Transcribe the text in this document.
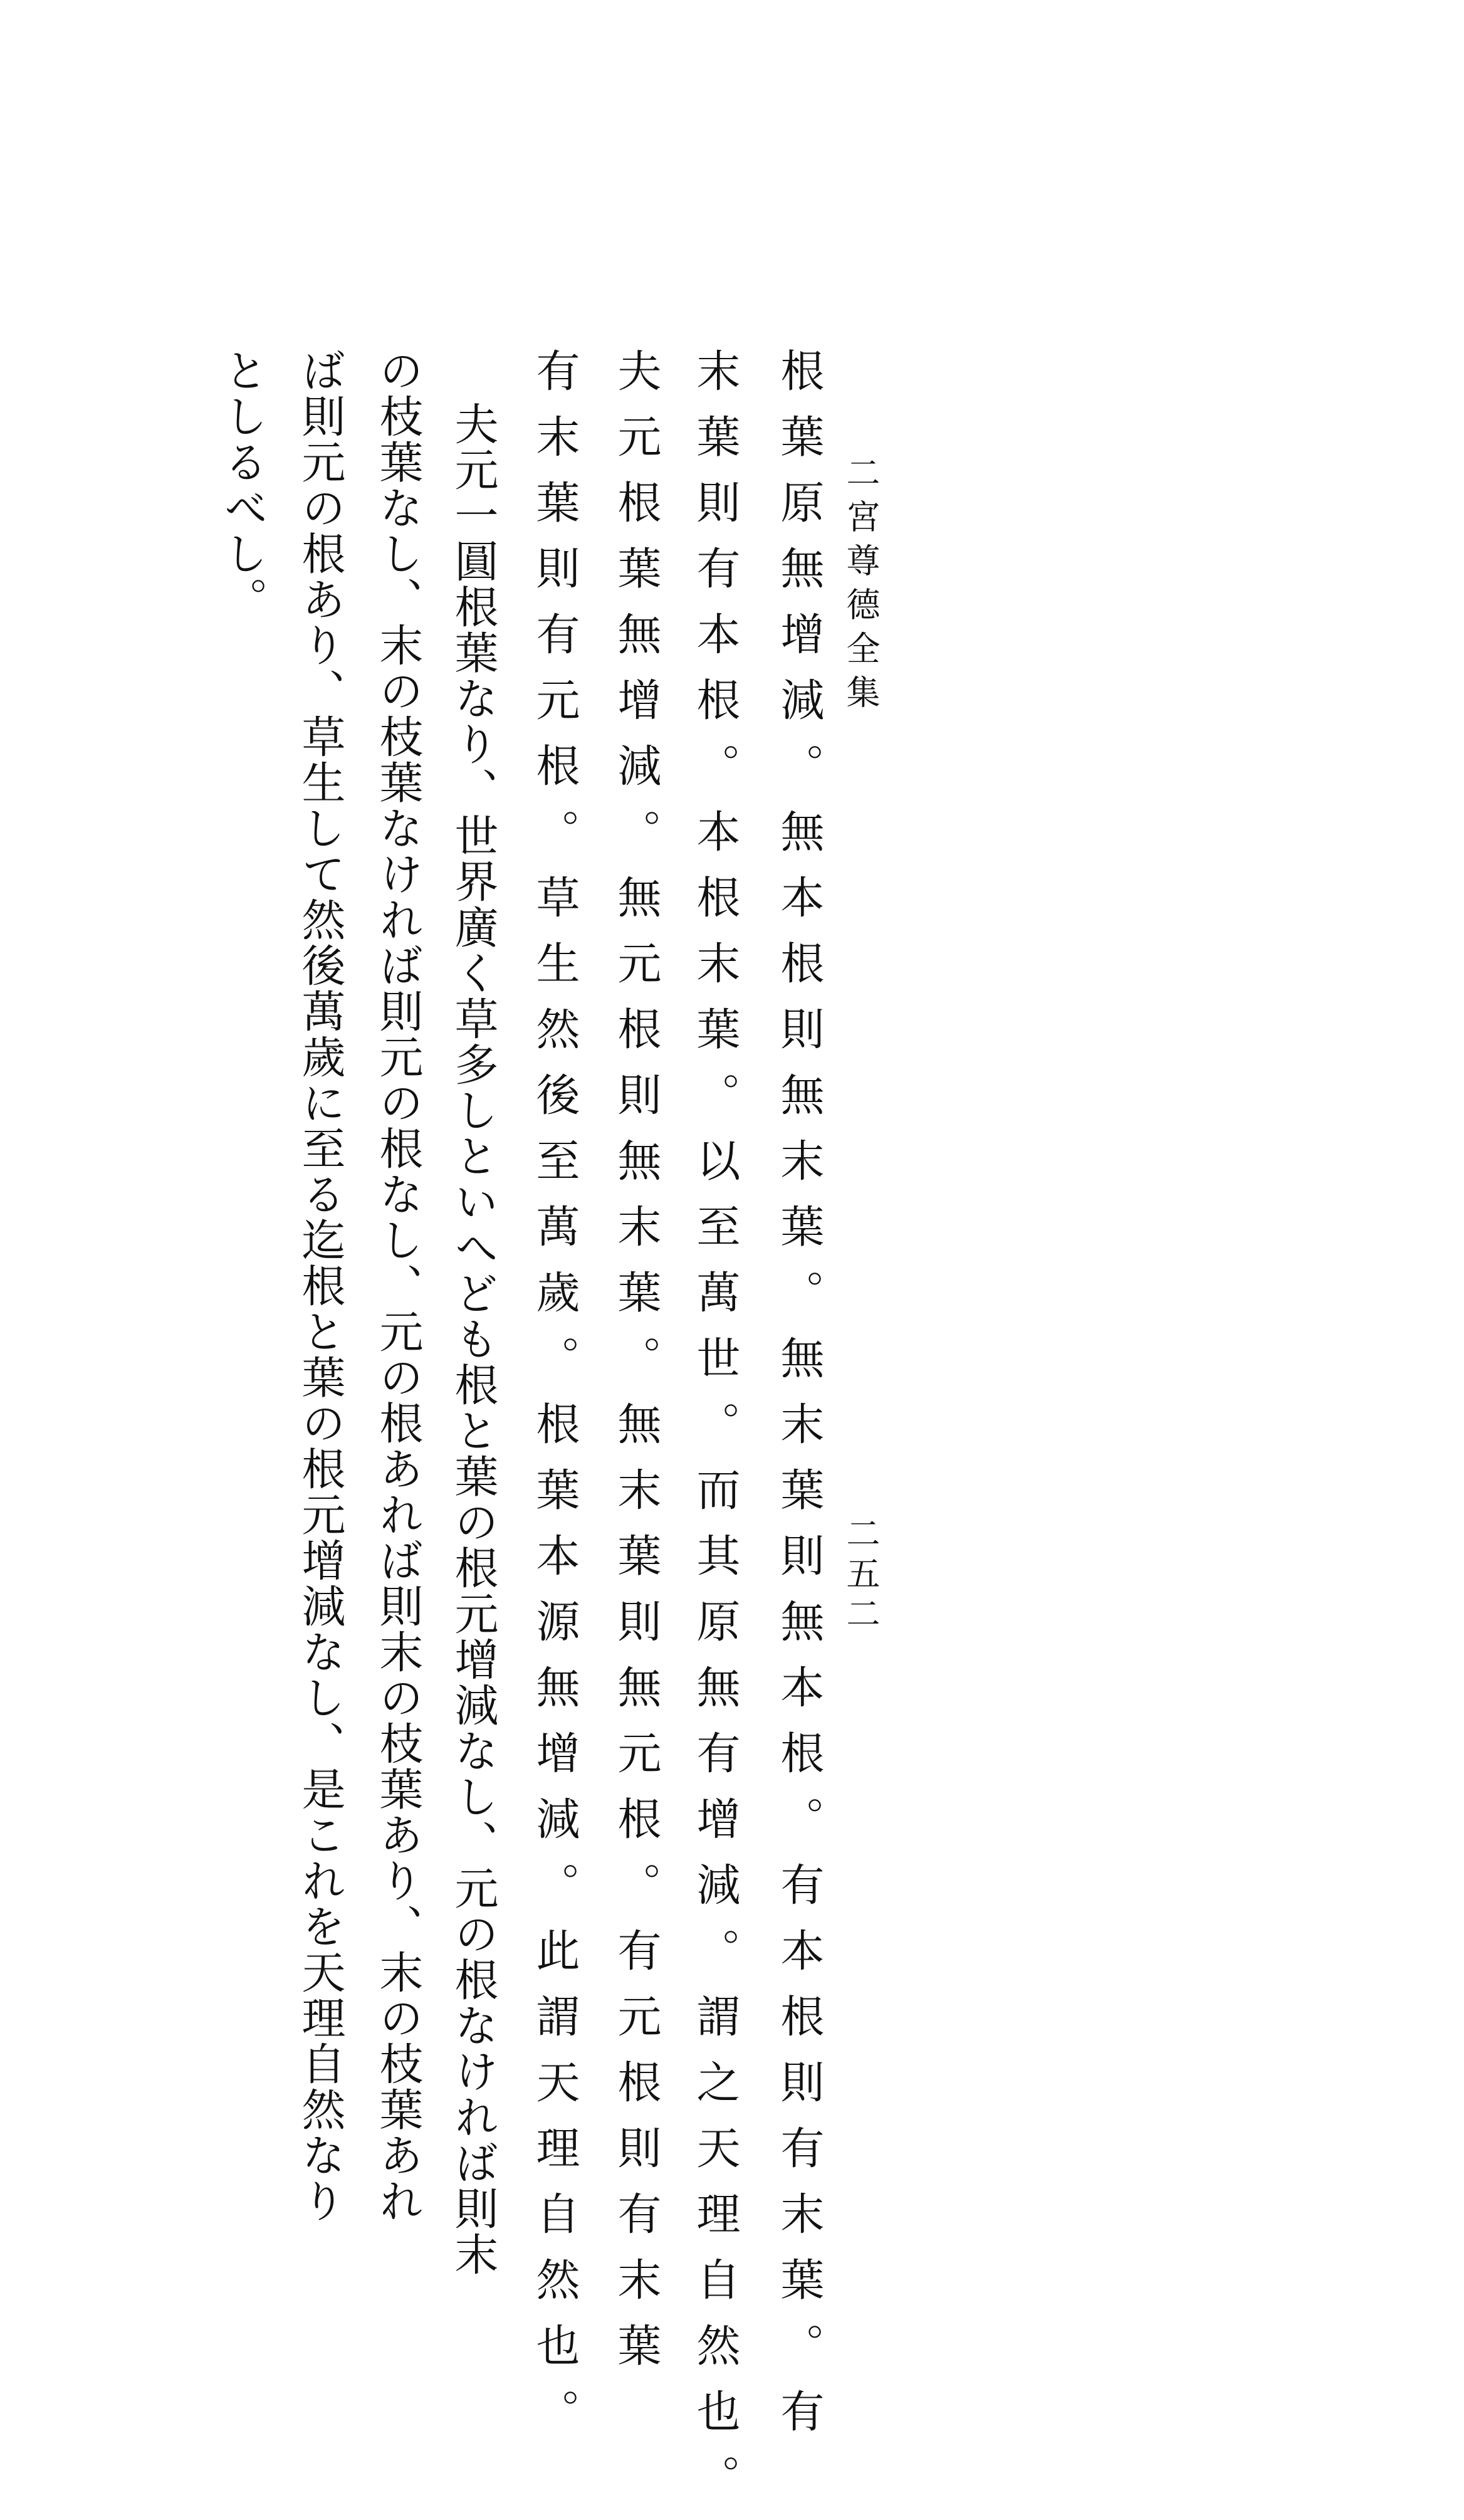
二宮尊德全集
二五二
根葉原無增減。無本根則無末葉。無末葉則無本根。有本根則有末葉。有
末葉則有本根。本根末葉。以至萬世。而其原無有增減。謂之天理自然也。
夫元根葉無增減。無元根則無末葉。無末葉則無元根。有元根則有末葉
有末葉則有元根。草生然後至萬歲。根葉本源無增減。此謂天理自然也。
夫元一圓根葉なり、世界廣く草多しといへども根と葉の根元增減なし、元の根なければ則末
の枝葉なし、末の枝葉なければ則元の根なし、元の根あれば則末の枝葉あり、末の枝葉あれ
ば則元の根あり、草生して然後萬歲に至る迄根と葉の根元增減なし、是これを天理自然なり
としるべし。
